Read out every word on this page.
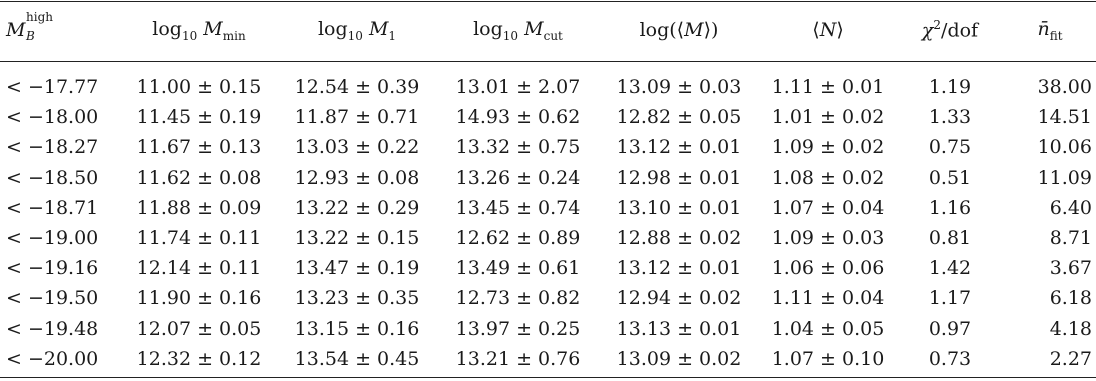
M
high
B	$\log_{10} M_{min}$	$\log_{10} M_1$	$\log_{10} M_{cut}$	log(⟨M⟩)	⟨N⟩	$\chi^2$/dof	$n̄_{fit}$
< −17.77	11.00 ± 0.15	12.54 ± 0.39	13.01 ± 2.07	13.09 ± 0.03	1.11 ± 0.01	1.19	38.00
< −18.00	11.45 ± 0.19	11.87 ± 0.71	14.93 ± 0.62	12.82 ± 0.05	1.01 ± 0.02	1.33	14.51
< −18.27	11.67 ± 0.13	13.03 ± 0.22	13.32 ± 0.75	13.12 ± 0.01	1.09 ± 0.02	0.75	10.06
< −18.50	11.62 ± 0.08	12.93 ± 0.08	13.26 ± 0.24	12.98 ± 0.01	1.08 ± 0.02	0.51	11.09
< −18.71	11.88 ± 0.09	13.22 ± 0.29	13.45 ± 0.74	13.10 ± 0.01	1.07 ± 0.04	1.16	6.40
< −19.00	11.74 ± 0.11	13.22 ± 0.15	12.62 ± 0.89	12.88 ± 0.02	1.09 ± 0.03	0.81	8.71
< −19.16	12.14 ± 0.11	13.47 ± 0.19	13.49 ± 0.61	13.12 ± 0.01	1.06 ± 0.06	1.42	3.67
< −19.50	11.90 ± 0.16	13.23 ± 0.35	12.73 ± 0.82	12.94 ± 0.02	1.11 ± 0.04	1.17	6.18
< −19.48	12.07 ± 0.05	13.15 ± 0.16	13.97 ± 0.25	13.13 ± 0.01	1.04 ± 0.05	0.97	4.18
< −20.00	12.32 ± 0.12	13.54 ± 0.45	13.21 ± 0.76	13.09 ± 0.02	1.07 ± 0.10	0.73	2.27
